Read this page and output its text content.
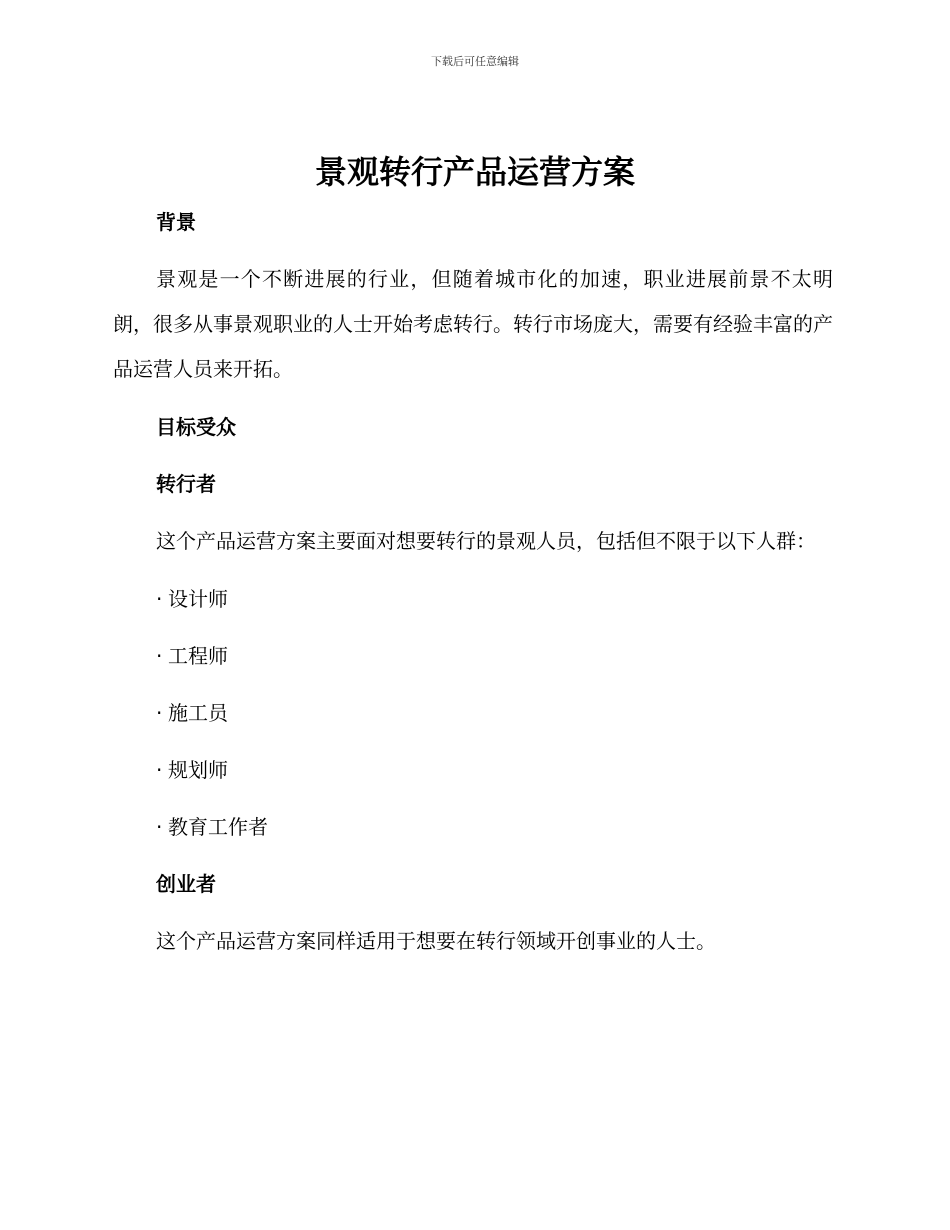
下载后可任意编辑
景观转行产品运营方案
背景

景观是一个不断进展的行业，但随着城市化的加速，职业进展前景不太明朗，很多从事景观职业的人士开始考虑转行。转行市场庞大，需要有经验丰富的产品运营人员来开拓。

目标受众
转行者

这个产品运营方案主要面对想要转行的景观人员，包括但不限于以下人群：

· 设计师
· 工程师
· 施工员
· 规划师
· 教育工作者
创业者

这个产品运营方案同样适用于想要在转行领域开创事业的人士。
